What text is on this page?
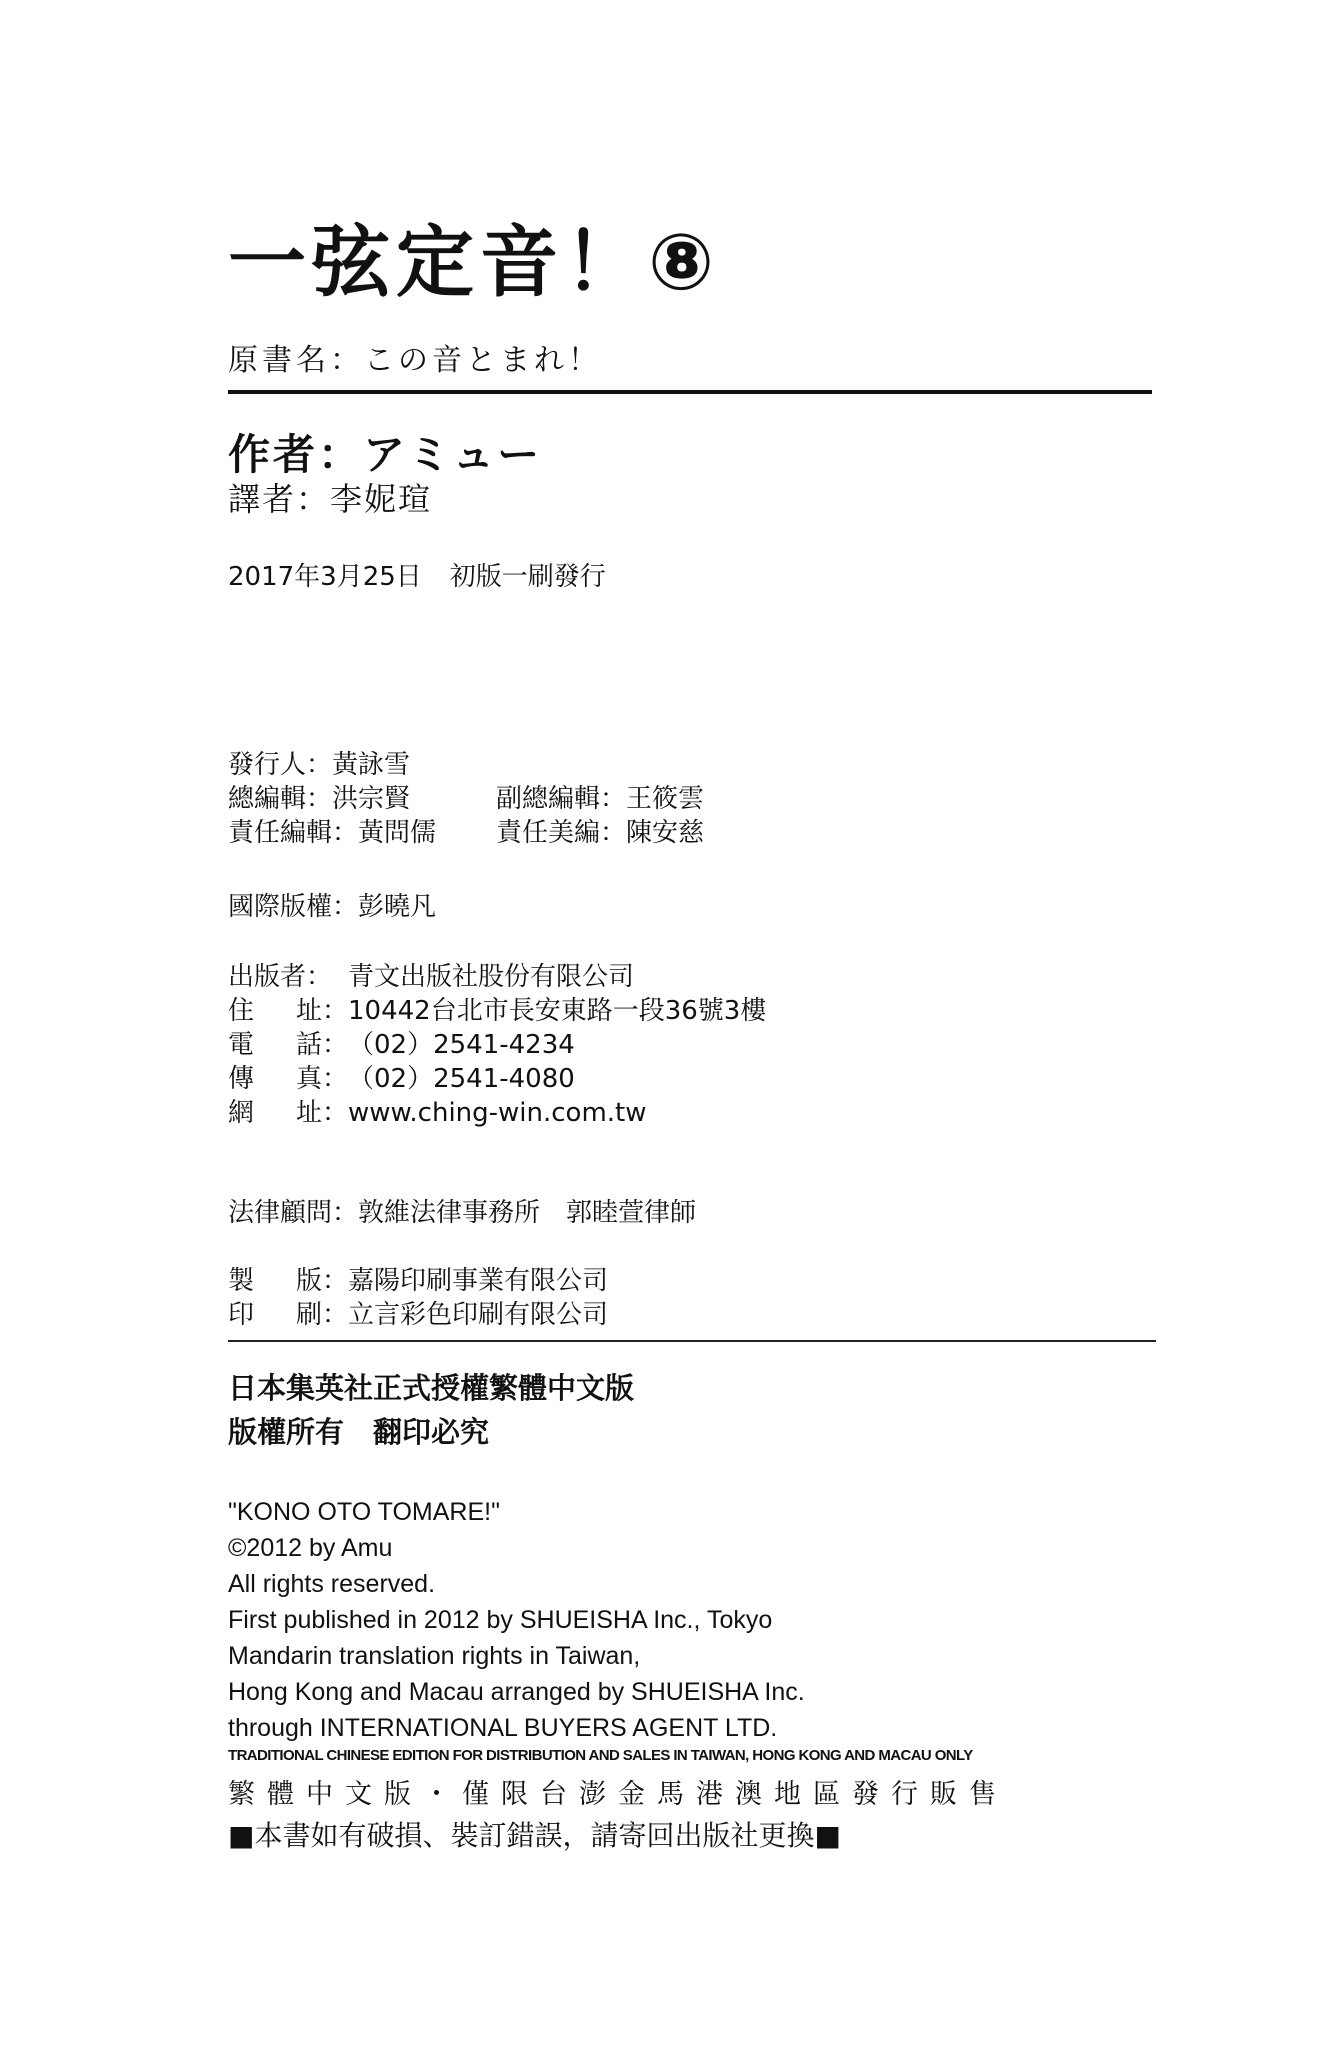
一弦定音！⑧
原書名：この音とまれ！
作者：アミュー
譯者：李妮瑄
2017年3月25日 初版一刷發行
發行人：黃詠雪
總編輯：洪宗賢	副總編輯：王筱雲
責任編輯：黃問儒	責任美編：陳安慈
國際版權：彭曉凡
出版者： 青文出版社股份有限公司
住 址： 10442台北市長安東路一段36號3樓
電 話： （02）2541-4234
傳 真： （02）2541-4080
網 址： www.ching-win.com.tw
法律顧問：敦維法律事務所　郭睦萱律師
製 版： 嘉陽印刷事業有限公司
印 刷： 立言彩色印刷有限公司
日本集英社正式授權繁體中文版
版權所有　翻印必究
"KONO OTO TOMARE!"
©2012 by Amu
All rights reserved.
First published in 2012 by SHUEISHA Inc., Tokyo
Mandarin translation rights in Taiwan,
Hong Kong and Macau arranged by SHUEISHA Inc.
through INTERNATIONAL BUYERS AGENT LTD.
TRADITIONAL CHINESE EDITION FOR DISTRIBUTION AND SALES IN TAIWAN, HONG KONG AND MACAU ONLY
繁體中文版・僅限台澎金馬港澳地區發行販售
■本書如有破損、裝訂錯誤，請寄回出版社更換■
